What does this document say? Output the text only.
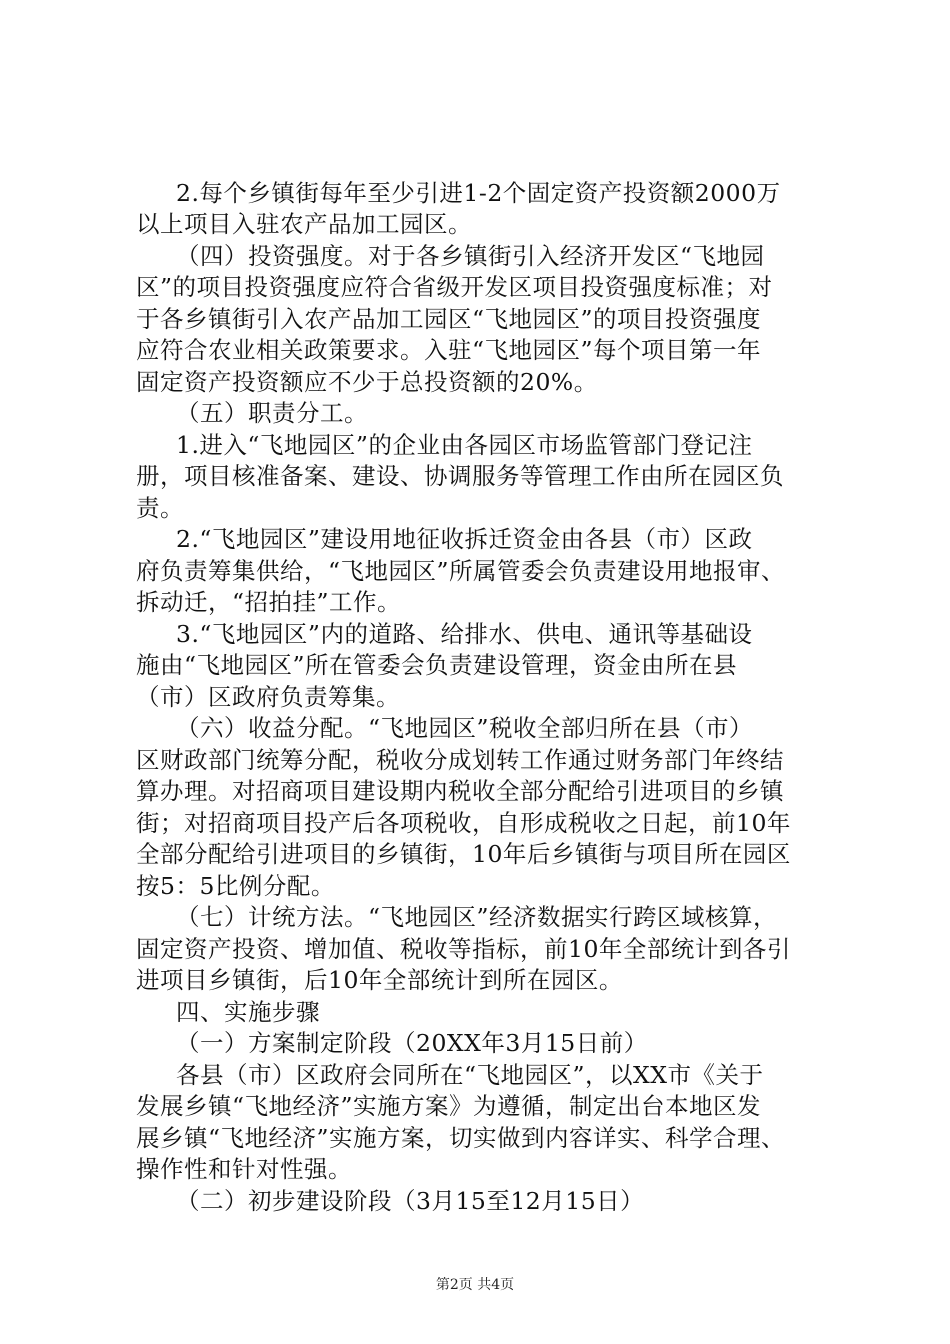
2.每个乡镇街每年至少引进1-2个固定资产投资额2000万
以上项目入驻农产品加工园区。
（四）投资强度。对于各乡镇街引入经济开发区“飞地园
区”的项目投资强度应符合省级开发区项目投资强度标准；对
于各乡镇街引入农产品加工园区“飞地园区”的项目投资强度
应符合农业相关政策要求。入驻“飞地园区”每个项目第一年
固定资产投资额应不少于总投资额的20%。
（五）职责分工。
1.进入“飞地园区”的企业由各园区市场监管部门登记注
册，项目核准备案、建设、协调服务等管理工作由所在园区负
责。
2.“飞地园区”建设用地征收拆迁资金由各县（市）区政
府负责筹集供给，“飞地园区”所属管委会负责建设用地报审、
拆动迁，“招拍挂”工作。
3.“飞地园区”内的道路、给排水、供电、通讯等基础设
施由“飞地园区”所在管委会负责建设管理，资金由所在县
（市）区政府负责筹集。
（六）收益分配。“飞地园区”税收全部归所在县（市）
区财政部门统筹分配，税收分成划转工作通过财务部门年终结
算办理。对招商项目建设期内税收全部分配给引进项目的乡镇
街；对招商项目投产后各项税收，自形成税收之日起，前10年
全部分配给引进项目的乡镇街，10年后乡镇街与项目所在园区
按5：5比例分配。
（七）计统方法。“飞地园区”经济数据实行跨区域核算，
固定资产投资、增加值、税收等指标，前10年全部统计到各引
进项目乡镇街，后10年全部统计到所在园区。
四、实施步骤
（一）方案制定阶段（20XX年3月15日前）
各县（市）区政府会同所在“飞地园区”，以XX市《关于
发展乡镇“飞地经济”实施方案》为遵循，制定出台本地区发
展乡镇“飞地经济”实施方案，切实做到内容详实、科学合理、
操作性和针对性强。
（二）初步建设阶段（3月15至12月15日）
第2页 共4页
